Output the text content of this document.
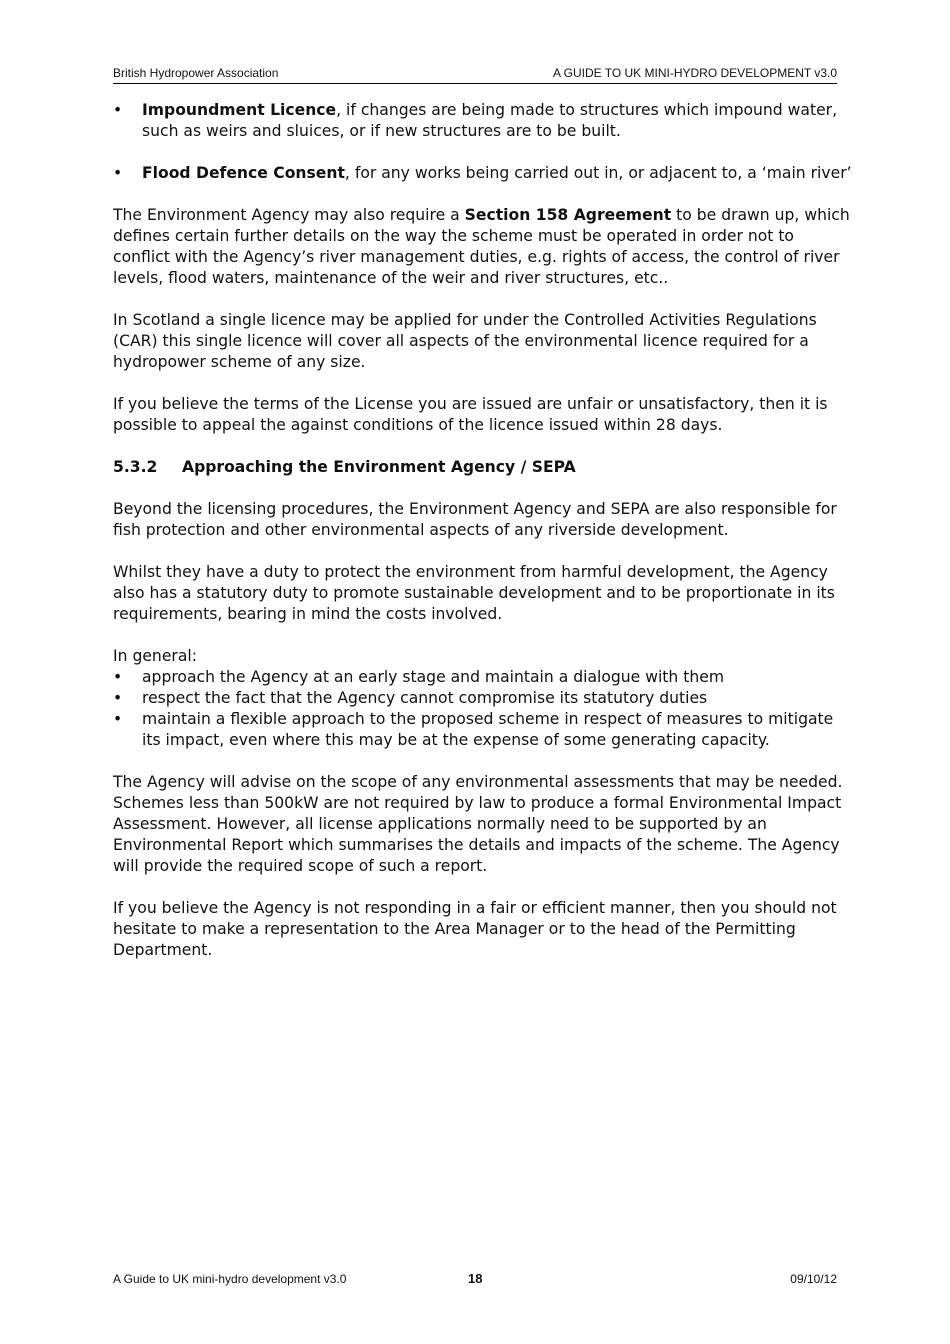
British Hydropower Association	A GUIDE TO UK MINI-HYDRO DEVELOPMENT v3.0
•	Impoundment Licence, if changes are being made to structures which impound water, such as weirs and sluices, or if new structures are to be built.
•	Flood Defence Consent, for any works being carried out in, or adjacent to, a ‘main river’

The Environment Agency may also require a Section 158 Agreement to be drawn up, which defines certain further details on the way the scheme must be operated in order not to conflict with the Agency’s river management duties, e.g. rights of access, the control of river levels, flood waters, maintenance of the weir and river structures, etc..

In Scotland a single licence may be applied for under the Controlled Activities Regulations (CAR) this single licence will cover all aspects of the environmental licence required for a hydropower scheme of any size.

If you believe the terms of the License you are issued are unfair or unsatisfactory, then it is possible to appeal the against conditions of the licence issued within 28 days.

5.3.2	Approaching the Environment Agency / SEPA

Beyond the licensing procedures, the Environment Agency and SEPA are also responsible for fish protection and other environmental aspects of any riverside development.

Whilst they have a duty to protect the environment from harmful development, the Agency also has a statutory duty to promote sustainable development and to be proportionate in its requirements, bearing in mind the costs involved.

In general:
•	approach the Agency at an early stage and maintain a dialogue with them
•	respect the fact that the Agency cannot compromise its statutory duties
•	maintain a flexible approach to the proposed scheme in respect of measures to mitigate its impact, even where this may be at the expense of some generating capacity.

The Agency will advise on the scope of any environmental assessments that may be needed. Schemes less than 500kW are not required by law to produce a formal Environmental Impact Assessment. However, all license applications normally need to be supported by an Environmental Report which summarises the details and impacts of the scheme. The Agency will provide the required scope of such a report.

If you believe the Agency is not responding in a fair or efficient manner, then you should not hesitate to make a representation to the Area Manager or to the head of the Permitting Department.

A Guide to UK mini-hydro development v3.0	18	09/10/12
